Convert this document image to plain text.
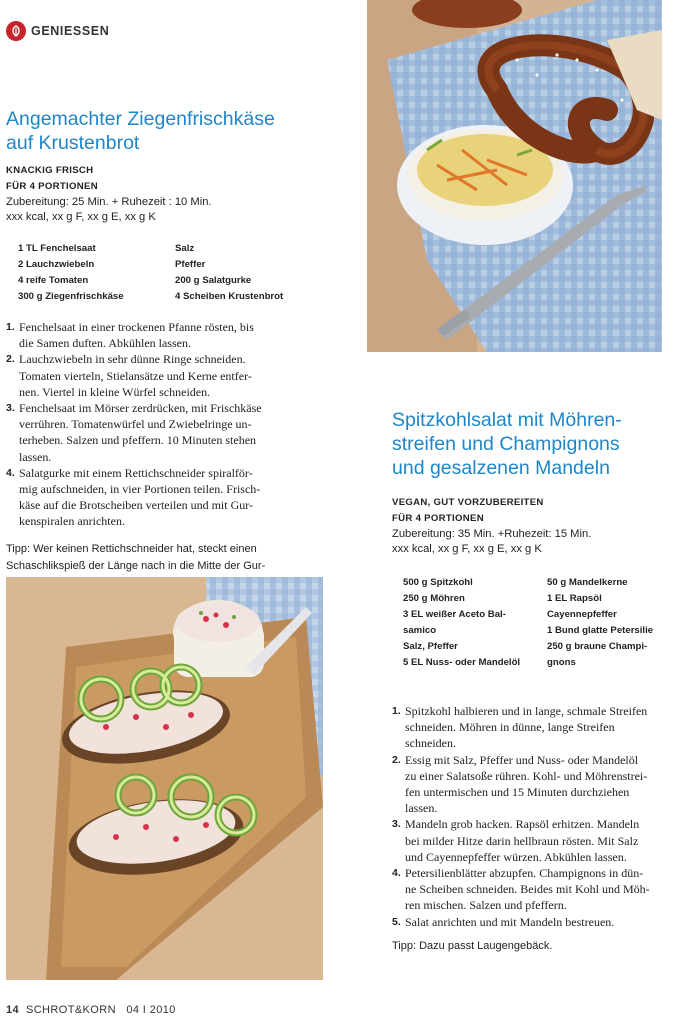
GENIESSEN
Angemachter Ziegenfrischkäse
auf Krustenbrot
KNACKIG FRISCH
FÜR 4 PORTIONEN
Zubereitung: 25 Min. + Ruhezeit : 10 Min.
xxx kcal, xx g F, xx g E, xx g K
1 TL Fenchelsaat
2 Lauchzwiebeln
4 reife Tomaten
300 g Ziegenfrischkäse
Salz
Pfeffer
200 g Salatgurke
4 Scheiben Krustenbrot
1. Fenchelsaat in einer trockenen Pfanne rösten, bis
die Samen duften. Abkühlen lassen.
2. Lauchzwiebeln in sehr dünne Ringe schneiden.
Tomaten vierteln, Stielansätze und Kerne entfer-
nen. Viertel in kleine Würfel schneiden.
3. Fenchelsaat im Mörser zerdrücken, mit Frischkäse
verrühren. Tomatenwürfel und Zwiebelringe un-
terheben. Salzen und pfeffern. 10 Minuten stehen
lassen.
4. Salatgurke mit einem Rettichschneider spiralför-
mig aufschneiden, in vier Portionen teilen. Frisch-
käse auf die Brotscheiben verteilen und mit Gur-
kenspiralen anrichten.
Tipp: Wer keinen Rettichschneider hat, steckt einen
Schaschlikspieß der Länge nach in die Mitte der Gur-
Spitzkohlsalat mit Möhren-
streifen und Champignons
und gesalzenen Mandeln
VEGAN, GUT VORZUBEREITEN
FÜR 4 PORTIONEN
Zubereitung: 35 Min. +Ruhezeit: 15 Min.
xxx kcal, xx g F, xx g E, xx g K
500 g Spitzkohl
250 g Möhren
3 EL weißer Aceto Bal-
samico
Salz, Pfeffer
5 EL Nuss- oder Mandelöl
50 g Mandelkerne
1 EL Rapsöl
Cayennepfeffer
1 Bund glatte Petersilie
250 g braune Champi-
gnons
1. Spitzkohl halbieren und in lange, schmale Streifen
schneiden. Möhren in dünne, lange Streifen
schneiden.
2. Essig mit Salz, Pfeffer und Nuss- oder Mandelöl
zu einer Salatsoße rühren. Kohl- und Möhrenstrei-
fen untermischen und 15 Minuten durchziehen
lassen.
3. Mandeln grob hacken. Rapsöl erhitzen. Mandeln
bei milder Hitze darin hellbraun rösten. Mit Salz
und Cayennepfeffer würzen. Abkühlen lassen.
4. Petersilienblätter abzupfen. Champignons in dün-
ne Scheiben schneiden. Beides mit Kohl und Möh-
ren mischen. Salzen und pfeffern.
5. Salat anrichten und mit Mandeln bestreuen.
Tipp: Dazu passt Laugengebäck.
14 SCHROT&KORN 04 I 2010
